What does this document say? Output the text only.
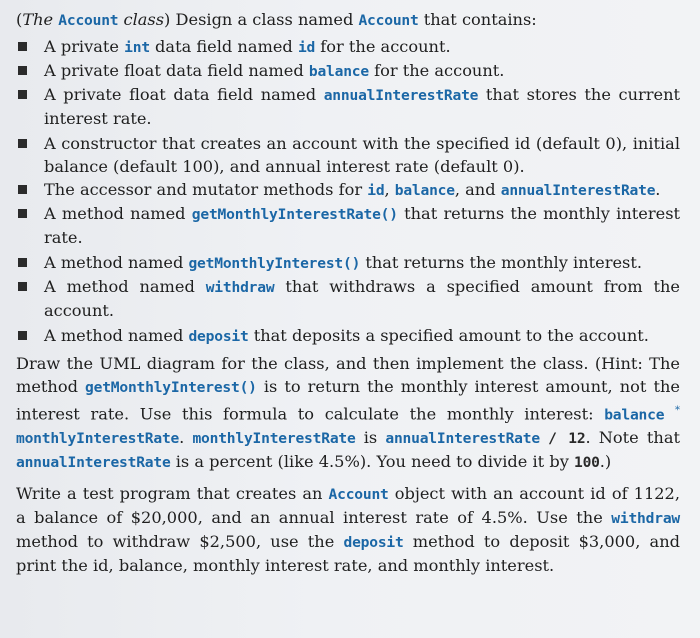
(The Account class) Design a class named Account that contains:

A private int data field named id for the account.
A private float data field named balance for the account.
A private float data field named annualInterestRate that stores the current interest rate.
A constructor that creates an account with the specified id (default 0), initial balance (default 100), and annual interest rate (default 0).
The accessor and mutator methods for id, balance, and annualInterestRate.
A method named getMonthlyInterestRate() that returns the monthly interest rate.
A method named getMonthlyInterest() that returns the monthly interest.
A method named withdraw that withdraws a specified amount from the account.
A method named deposit that deposits a specified amount to the account.

Draw the UML diagram for the class, and then implement the class. (Hint: The method getMonthlyInterest() is to return the monthly interest amount, not the interest rate. Use this formula to calculate the monthly interest: balance * monthlyInterestRate. monthlyInterestRate is annualInterestRate / 12. Note that annualInterestRate is a percent (like 4.5%). You need to divide it by 100.)

Write a test program that creates an Account object with an account id of 1122, a balance of $20,000, and an annual interest rate of 4.5%. Use the withdraw method to withdraw $2,500, use the deposit method to deposit $3,000, and print the id, balance, monthly interest rate, and monthly interest.
